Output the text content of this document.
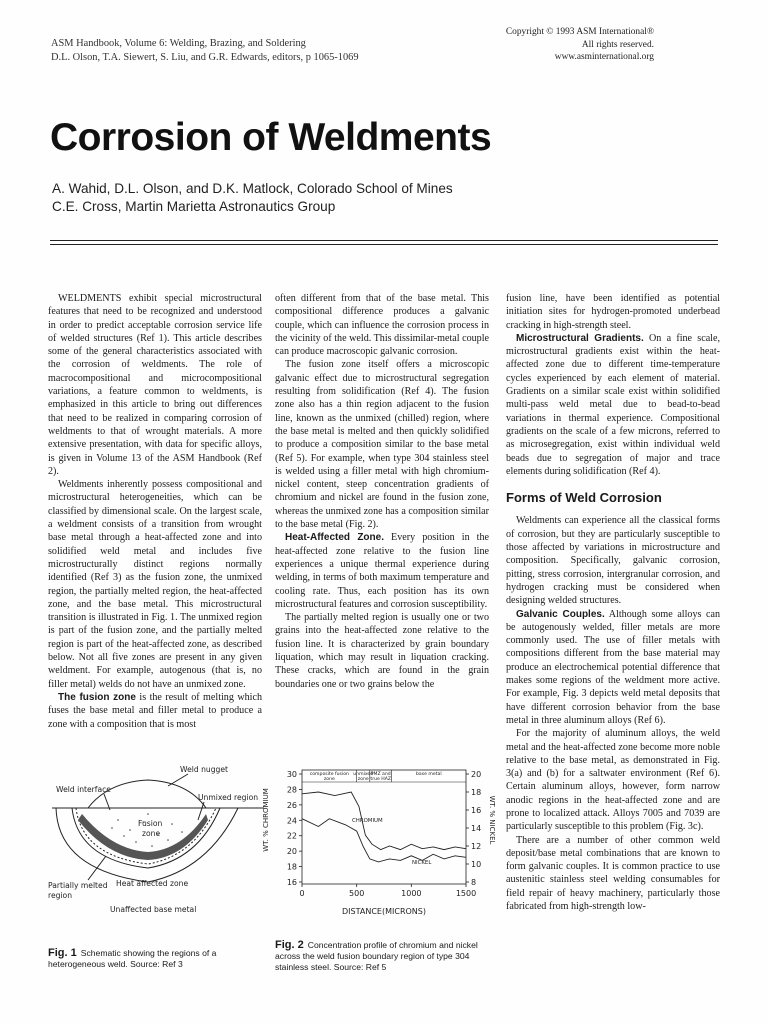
ASM Handbook, Volume 6: Welding, Brazing, and Soldering
D.L. Olson, T.A. Siewert, S. Liu, and G.R. Edwards, editors, p 1065-1069
Copyright © 1993 ASM International®
All rights reserved.
www.asminternational.org
Corrosion of Weldments
A. Wahid, D.L. Olson, and D.K. Matlock, Colorado School of Mines
C.E. Cross, Martin Marietta Astronautics Group

WELDMENTS exhibit special microstructural features that need to be recognized and understood in order to predict acceptable corrosion service life of welded structures (Ref 1). This article describes some of the general characteristics associated with the corrosion of weldments. The role of macrocompositional and microcompositional variations, a feature common to weldments, is emphasized in this article to bring out differences that need to be realized in comparing corrosion of weldments to that of wrought materials. A more extensive presentation, with data for specific alloys, is given in Volume 13 of the ASM Handbook (Ref 2).

Weldments inherently possess compositional and microstructural heterogeneities, which can be classified by dimensional scale. On the largest scale, a weldment consists of a transition from wrought base metal through a heat-affected zone and into solidified weld metal and includes five microstructurally distinct regions normally identified (Ref 3) as the fusion zone, the unmixed region, the partially melted region, the heat-affected zone, and the base metal. This microstructural transition is illustrated in Fig. 1. The unmixed region is part of the fusion zone, and the partially melted region is part of the heat-affected zone, as described below. Not all five zones are present in any given weldment. For example, autogenous (that is, no filler metal) welds do not have an unmixed zone.

The fusion zone is the result of melting which fuses the base metal and filler metal to produce a zone with a composition that is most

often different from that of the base metal. This compositional difference produces a galvanic couple, which can influence the corrosion process in the vicinity of the weld. This dissimilar-metal couple can produce macroscopic galvanic corrosion.

The fusion zone itself offers a microscopic galvanic effect due to microstructural segregation resulting from solidification (Ref 4). The fusion zone also has a thin region adjacent to the fusion line, known as the unmixed (chilled) region, where the base metal is melted and then quickly solidified to produce a composition similar to the base metal (Ref 5). For example, when type 304 stainless steel is welded using a filler metal with high chromium-nickel content, steep concentration gradients of chromium and nickel are found in the fusion zone, whereas the unmixed zone has a composition similar to the base metal (Fig. 2).

Heat-Affected Zone. Every position in the heat-affected zone relative to the fusion line experiences a unique thermal experience during welding, in terms of both maximum temperature and cooling rate. Thus, each position has its own microstructural features and corrosion susceptibility.

The partially melted region is usually one or two grains into the heat-affected zone relative to the fusion line. It is characterized by grain boundary liquation, which may result in liquation cracking. These cracks, which are found in the grain boundaries one or two grains below the

fusion line, have been identified as potential initiation sites for hydrogen-promoted underbead cracking in high-strength steel.

Microstructural Gradients. On a fine scale, microstructural gradients exist within the heat-affected zone due to different time-temperature cycles experienced by each element of material. Gradients on a similar scale exist within solidified multi-pass weld metal due to bead-to-bead variations in thermal experience. Compositional gradients on the scale of a few microns, referred to as microsegregation, exist within individual weld beads due to segregation of major and trace elements during solidification (Ref 4).

Forms of Weld Corrosion

Weldments can experience all the classical forms of corrosion, but they are particularly susceptible to those affected by variations in microstructure and composition. Specifically, galvanic corrosion, pitting, stress corrosion, intergranular corrosion, and hydrogen cracking must be considered when designing welded structures.

Galvanic Couples. Although some alloys can be autogenously welded, filler metals are more commonly used. The use of filler metals with compositions different from the base material may produce an electrochemical potential difference that makes some regions of the weldment more active. For example, Fig. 3 depicts weld metal deposits that have different corrosion behavior from the base metal in three aluminum alloys (Ref 6).

For the majority of aluminum alloys, the weld metal and the heat-affected zone become more noble relative to the base metal, as demonstrated in Fig. 3(a) and (b) for a saltwater environment (Ref 6). Certain aluminum alloys, however, form narrow anodic regions in the heat-affected zone and are prone to localized attack. Alloys 7005 and 7039 are particularly susceptible to this problem (Fig. 3c).

There are a number of other common weld deposit/base metal combinations that are known to form galvanic couples. It is common practice to use austenitic stainless steel welding consumables for field repair of heavy machinery, particularly those fabricated from high-strength low-

Weld nugget
Weld interface
Unmixed region
Fusion
zone
Partially melted
region
Heat affected zone
Unaffected base metal
Fig. 1 Schematic showing the regions of a heterogeneous weld. Source: Ref 3
composite fusion
zone
unmixed
zone
PMZ and
true HAZ
base metal
0	500	1000	1500
16
18
20
22
24
26
28
30
8
10
12
14
16
18
20
CHROMIUM
NICKEL
WT. % CHROMIUM	WT. % NICKEL
DISTANCE(MICRONS)
Fig. 2 Concentration profile of chromium and nickel across the weld fusion boundary region of type 304 stainless steel. Source: Ref 5
